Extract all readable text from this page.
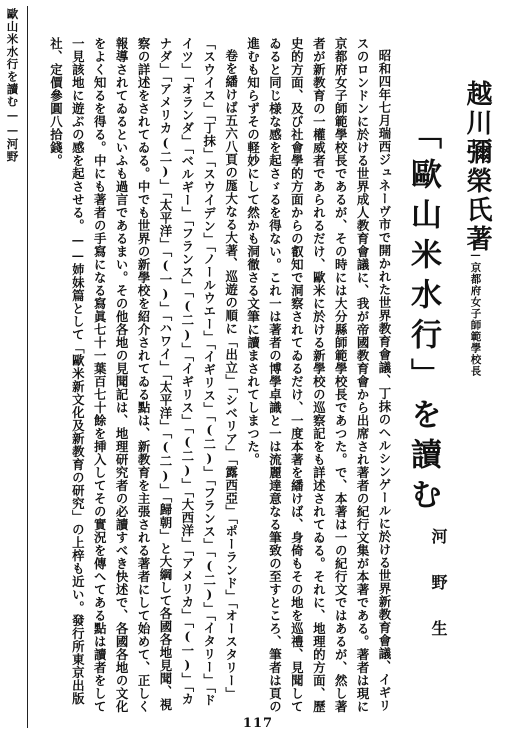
歐山米水行を讀む——河野	越川彌榮氏著
——京都府女子師範學校長
「歐山米水行」を讀む
河野生

昭和四年七月瑞西ジュネーヴ市で開かれた世界教育會議、丁抹のヘルシンゲールに於ける世界新教育會議、イギリスのロンドンに於ける世界成人教育會議に、我が帝國教育會から出席され著者の紀行文集が本著である。著者は現に京都府女子師範學校長であるが、その時には大分縣師範學校長であつた。で、本著は一の紀行文ではあるが、然し著者が新教育の一權威者であられるだけ、歐米に於ける新學校の巡察記をも詳述されてゐる。それに、地理的方面、歷史的方面、及び社會學的方面からの叡知で洞察されてゐるだけ、一度本著を繙けば、身倚もその地を巡禮、見聞してゐると同じ様な感を起さゞるを得ない。これ一は著者の博學卓識と一は流麗達意なる筆致の至すところ、筆者は頁の進むも知らずその軽妙にして然かも洞徹さる文筆に讀まされてしまつた。

卷を繙けば五六八頁の厖大なる大著、巡遊の順に「出立」「シベリア」「露西亞」「ポーランド」「オースタリー」「スウイス」「丁抹」「スウイデン」「ノールウエー」「イギリス」「(二)」「フランス」「(二)」「イタリー」「ドイツ」「オランダ」「ベルギー」「フランス」「(二)」「イギリス」「(二)」「大西洋」「アメリカ」「(一)」「カナダ」「アメリカ(二)」「太平洋」「(一)」「ハワイ」「太平洋」「(二)」「歸朝」と大綱して各國各地見聞、視察の詳述をされてゐる。中でも世界の新學校を紹介されてゐる點は、新教育を主張される著者にして始めて、正しく報導されてゐるといふも過言であるまい。その他各地の見聞記は、地理研究者の必讀すべき快述で、各國各地の文化をよく知るを得る。中にも著者の手寫になる寫眞七十一葉百七十餘を挿入してその實況を傳へてある點は讀者をして一見該地に遊ぶの感を起させる。——姉妹篇として「歐米新文化及新教育の研究」の上梓も近い。發行所東京出版社、定價參圓八拾錢。

117
